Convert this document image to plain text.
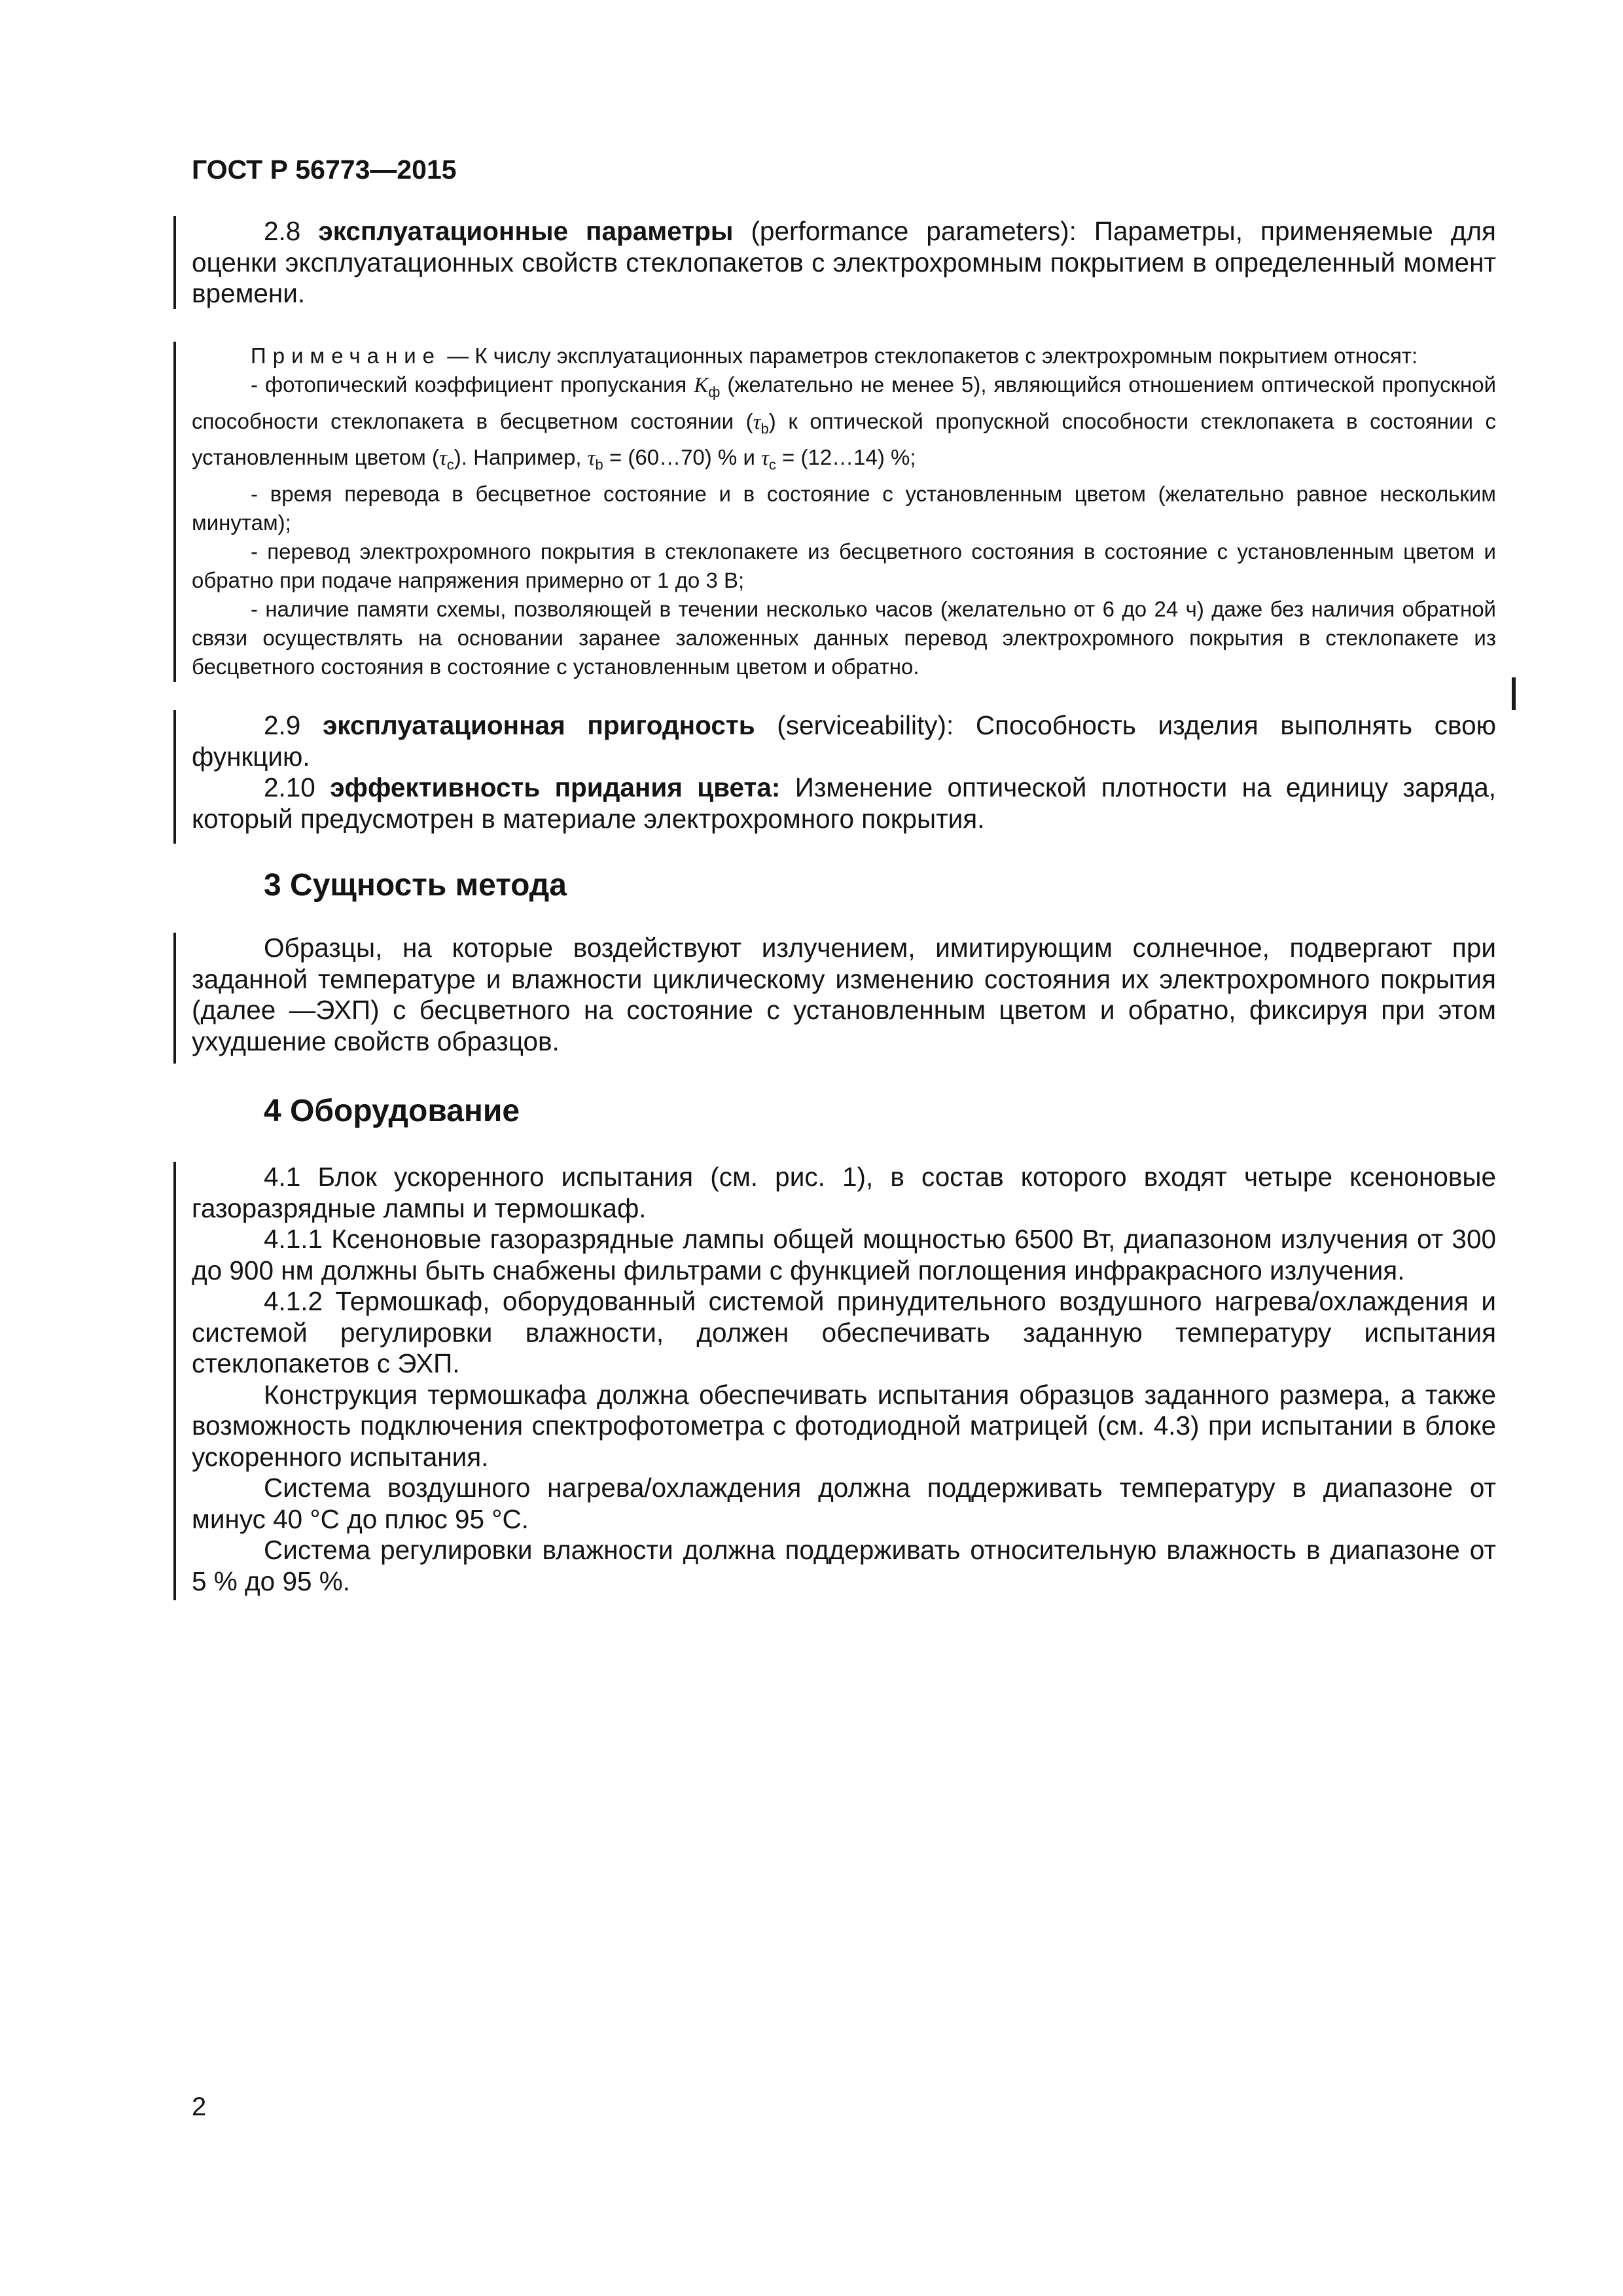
ГОСТ Р 56773—2015

2.8 эксплуатационные параметры (performance parameters): Параметры, применяемые для оценки эксплуатационных свойств стеклопакетов с электрохромным покрытием в определенный момент времени.

Примечание — К числу эксплуатационных параметров стеклопакетов с электрохромным покрытием относят:

- фотопический коэффициент пропускания $K_ф$ (желательно не менее 5), являющийся отношением оптической пропускной способности стеклопакета в бесцветном состоянии $(\tau_b)$ к оптической пропускной способности стеклопакета в состоянии с установленным цветом $(\tau_c)$. Например, $\tau_b$ = (60…70) % и $\tau_c$ = (12…14) %;

- время перевода в бесцветное состояние и в состояние с установленным цветом (желательно равное нескольким минутам);

- перевод электрохромного покрытия в стеклопакете из бесцветного состояния в состояние с установленным цветом и обратно при подаче напряжения примерно от 1 до 3 В;

- наличие памяти схемы, позволяющей в течении несколько часов (желательно от 6 до 24 ч) даже без наличия обратной связи осуществлять на основании заранее заложенных данных перевод электрохромного покрытия в стеклопакете из бесцветного состояния в состояние с установленным цветом и обратно.

2.9 эксплуатационная пригодность (serviceability): Способность изделия выполнять свою функцию.

2.10 эффективность придания цвета: Изменение оптической плотности на единицу заряда, который предусмотрен в материале электрохромного покрытия.

3 Сущность метода

Образцы, на которые воздействуют излучением, имитирующим солнечное, подвергают при заданной температуре и влажности циклическому изменению состояния их электрохромного покрытия (далее —ЭХП) с бесцветного на состояние с установленным цветом и обратно, фиксируя при этом ухудшение свойств образцов.

4 Оборудование

4.1 Блок ускоренного испытания (см. рис. 1), в состав которого входят четыре ксеноновые газоразрядные лампы и термошкаф.

4.1.1 Ксеноновые газоразрядные лампы общей мощностью 6500 Вт, диапазоном излучения от 300 до 900 нм должны быть снабжены фильтрами с функцией поглощения инфракрасного излучения.

4.1.2 Термошкаф, оборудованный системой принудительного воздушного нагрева/охлаждения и системой регулировки влажности, должен обеспечивать заданную температуру испытания стеклопакетов с ЭХП.

Конструкция термошкафа должна обеспечивать испытания образцов заданного размера, а также возможность подключения спектрофотометра с фотодиодной матрицей (см. 4.3) при испытании в блоке ускоренного испытания.

Система воздушного нагрева/охлаждения должна поддерживать температуру в диапазоне от минус 40 °С до плюс 95 °С.

Система регулировки влажности должна поддерживать относительную влажность в диапазоне от 5 % до 95 %.

2
